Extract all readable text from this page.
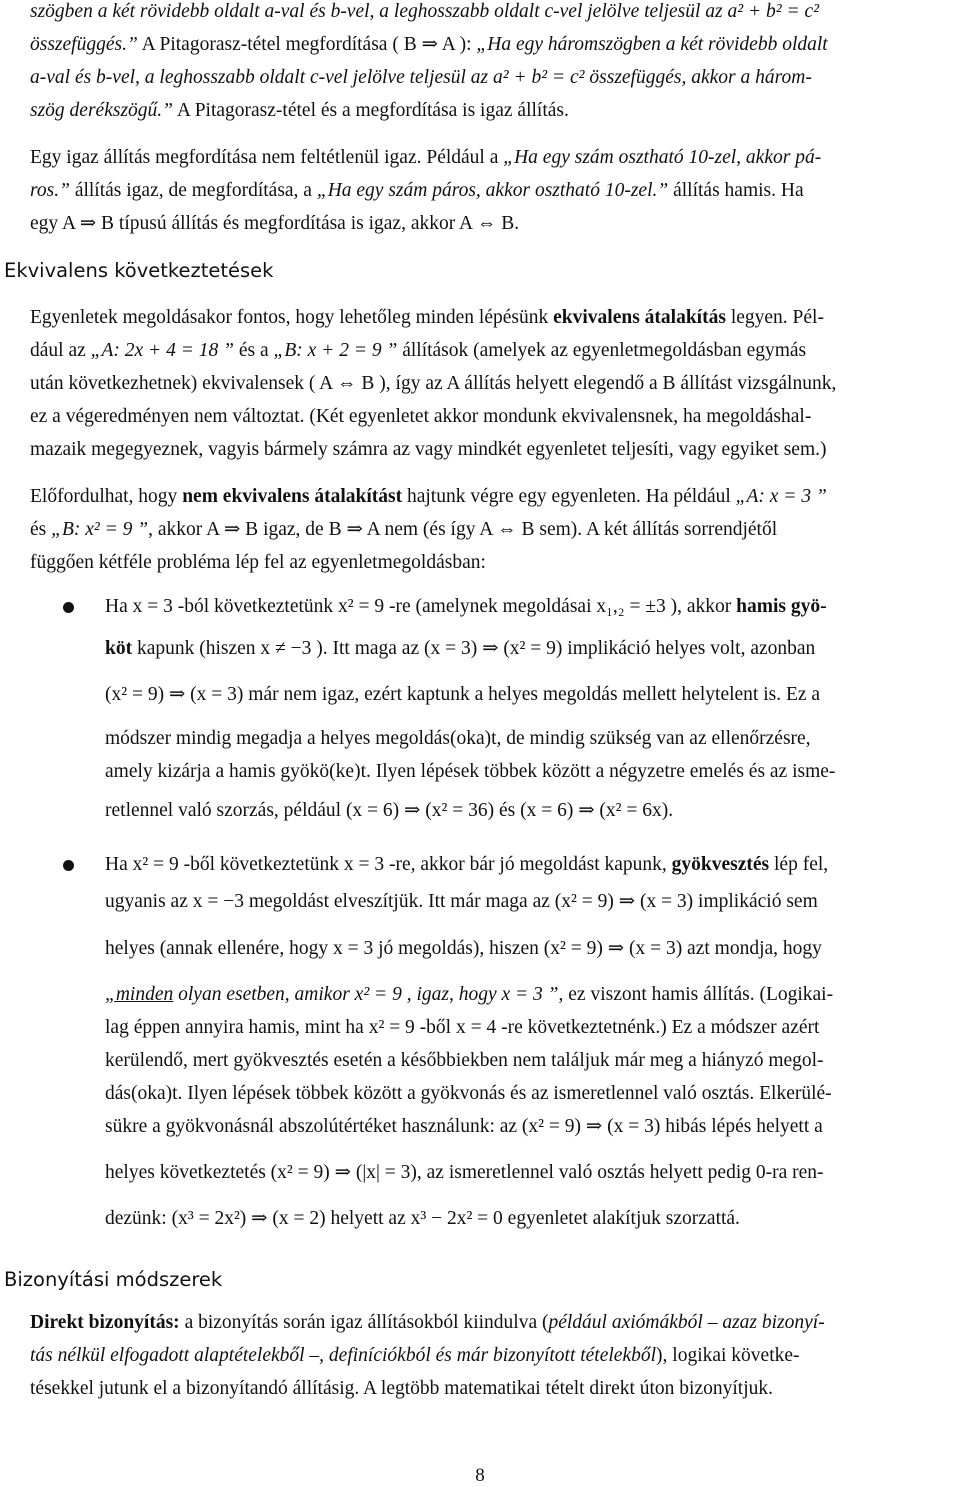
szögben a két rövidebb oldalt a-val és b-vel, a leghosszabb oldalt c-vel jelölve teljesül az a² + b² = c²
összefüggés.” A Pitagorasz-tétel megfordítása ( B ⇒ A ): „Ha egy háromszögben a két rövidebb oldalt
a-val és b-vel, a leghosszabb oldalt c-vel jelölve teljesül az a² + b² = c² összefüggés, akkor a három-
szög derékszögű.” A Pitagorasz-tétel és a megfordítása is igaz állítás.
Egy igaz állítás megfordítása nem feltétlenül igaz. Például a „Ha egy szám osztható 10-zel, akkor pá-
ros.” állítás igaz, de megfordítása, a „Ha egy szám páros, akkor osztható 10-zel.” állítás hamis. Ha
egy A ⇒ B típusú állítás és megfordítása is igaz, akkor A ⇔ B.
Ekvivalens következtetések
Egyenletek megoldásakor fontos, hogy lehetőleg minden lépésünk ekvivalens átalakítás legyen. Pél-
dául az „A: 2x + 4 = 18 ” és a „B: x + 2 = 9 ” állítások (amelyek az egyenletmegoldásban egymás
után következhetnek) ekvivalensek ( A ⇔ B ), így az A állítás helyett elegendő a B állítást vizsgálnunk,
ez a végeredményen nem változtat. (Két egyenletet akkor mondunk ekvivalensnek, ha megoldáshal-
mazaik megegyeznek, vagyis bármely számra az vagy mindkét egyenletet teljesíti, vagy egyiket sem.)
Előfordulhat, hogy nem ekvivalens átalakítást hajtunk végre egy egyenleten. Ha például „A: x = 3 ”
és „B: x² = 9 ”, akkor A ⇒ B igaz, de B ⇒ A nem (és így A ⇔ B sem). A két állítás sorrendjétől
függően kétféle probléma lép fel az egyenletmegoldásban:
Ha x = 3 -ból következtetünk x² = 9 -re (amelynek megoldásai x₁,₂ = ±3 ), akkor hamis gyö-
köt kapunk (hiszen x ≠ −3 ). Itt maga az (x = 3) ⇒ (x² = 9) implikáció helyes volt, azonban
(x² = 9) ⇒ (x = 3) már nem igaz, ezért kaptunk a helyes megoldás mellett helytelent is. Ez a
módszer mindig megadja a helyes megoldás(oka)t, de mindig szükség van az ellenőrzésre,
amely kizárja a hamis gyökö(ke)t. Ilyen lépések többek között a négyzetre emelés és az isme-
retlennel való szorzás, például (x = 6) ⇒ (x² = 36) és (x = 6) ⇒ (x² = 6x).
Ha x² = 9 -ből következtetünk x = 3 -re, akkor bár jó megoldást kapunk, gyökvesztés lép fel,
ugyanis az x = −3 megoldást elveszítjük. Itt már maga az (x² = 9) ⇒ (x = 3) implikáció sem
helyes (annak ellenére, hogy x = 3 jó megoldás), hiszen (x² = 9) ⇒ (x = 3) azt mondja, hogy
„minden olyan esetben, amikor x² = 9 , igaz, hogy x = 3 ”, ez viszont hamis állítás. (Logikai-
lag éppen annyira hamis, mint ha x² = 9 -ből x = 4 -re következtetnénk.) Ez a módszer azért
kerülendő, mert gyökvesztés esetén a későbbiekben nem találjuk már meg a hiányzó megol-
dás(oka)t. Ilyen lépések többek között a gyökvonás és az ismeretlennel való osztás. Elkerülé-
sükre a gyökvonásnál abszolútértéket használunk: az (x² = 9) ⇒ (x = 3) hibás lépés helyett a
helyes következtetés (x² = 9) ⇒ (|x| = 3), az ismeretlennel való osztás helyett pedig 0-ra ren-
dezünk: (x³ = 2x²) ⇒ (x = 2) helyett az x³ − 2x² = 0 egyenletet alakítjuk szorzattá.
Bizonyítási módszerek
Direkt bizonyítás: a bizonyítás során igaz állításokból kiindulva (például axiómákból – azaz bizonyí-
tás nélkül elfogadott alaptételekből –, definíciókból és már bizonyított tételekből), logikai követke-
tésekkel jutunk el a bizonyítandó állításig. A legtöbb matematikai tételt direkt úton bizonyítjuk.
8
